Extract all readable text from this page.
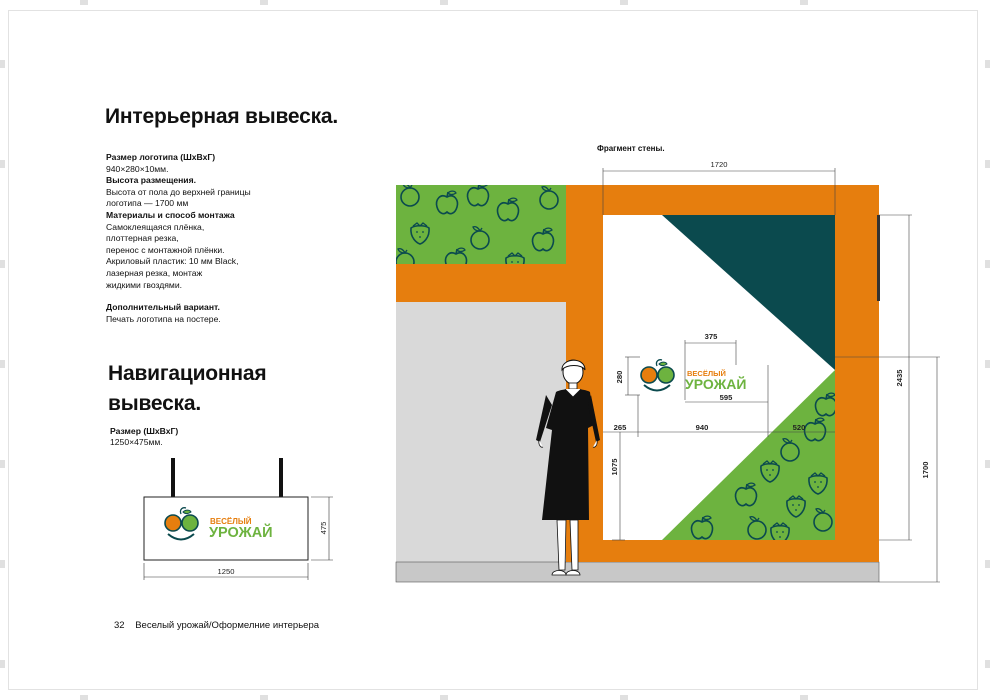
Интерьерная вывеска.
Размер логотипа (ШхВхГ)
940×280×10мм.
Высота размещения.
Высота от пола до верхней границы
логотипа — 1700 мм
Материалы и способ монтажа
Самоклеящаяся плёнка,
плоттерная резка,
перенос с монтажной плёнки.
Акриловый пластик: 10 мм Black,
лазерная резка, монтаж
жидкими гвоздями.
Дополнительный вариант.
Печать логотипа на постере.
Навигационная
вывеска.
Размер (ШхВхГ)
1250×475мм.
ВЕСЁЛЫЙ
УРОЖАЙ
1250
475
Фрагмент стены.
ВЕСЁЛЫЙ
УРОЖАЙ
1720
375
595
280
265	940	520
1075
2435
1700
32 Веселый урожай/Оформелние интерьера
